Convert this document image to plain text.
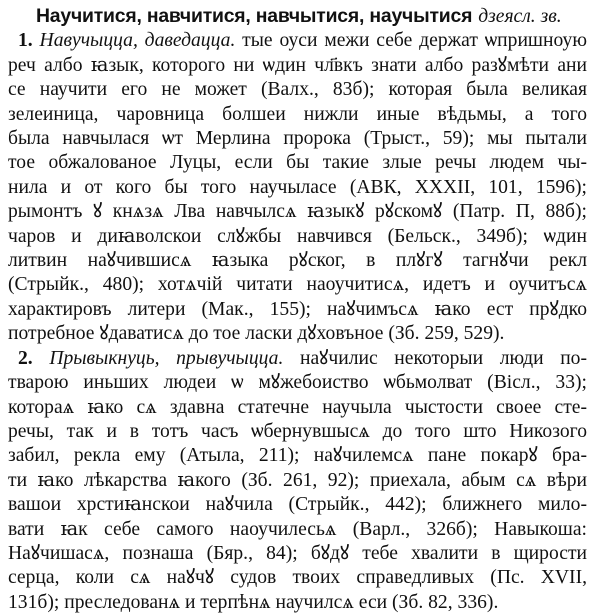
Научитися, навчитися, навчытися, научытися дзеясл. зв.
1. Навучыцца, даведацца. тые оуси межи себе держат ѡпришноую
реч албо ꙗзык, которого ни ѡдин чл҃вкъ знати албо разꙋмѣти ани
се научити его не может (Валх., 83б); которая была великая
зелеиница, чаровница болшеи нижли иные вѣдьмы, а того
была навчылася ѡт Мерлина пророка (Трыст., 59); мы пытали
тое обжалованое Луцы, если бы такие злые речы людем чы-
нила и от кого бы того научыласе (АВК, XXXII, 101, 1596);
рымонтъ ꙋ кнѧзѧ Лва навчылсѧ ꙗзыкꙋ рꙋскомꙋ (Патр. П, 88б);
чаров и диꙗволскои слꙋжбы навчився (Бельск., 349б); ѡдин
литвин наꙋчившисѧ ꙗзыка рꙋског, в плꙋгꙋ тагнꙋчи рекл
(Стрыйк., 480); хотѧчій читати наоучитисѧ, идетъ и оучитъсѧ
характировъ литери (Мак., 155); наꙋчимъсѧ ꙗко ест прꙋдко
потребное ꙋдаватисѧ до тое ласки дꙋховъное (Зб. 259, 529).
2. Прывыкнуць, прывучыцца. наꙋчилис некоторыи люди по-
тварою иньших людеи ѡ мꙋжебоиство ѡбьмолват (Віcл., 33);
котораѧ ꙗко сѧ здавна статечне научыла чыстости своее сте-
речы, так и в тотъ часъ ѡбернувшысѧ до того што Никозого
забил, рекла ему (Атыла, 211); наꙋчилемсѧ пане покарꙋ бра-
ти ꙗко лѣкарства ꙗкого (Зб. 261, 92); приехала, абым сѧ вѣри
вашои хрстиꙗнскои наꙋчила (Стрыйк., 442); ближнего мило-
вати ꙗк себе самого наоучилесьѧ (Варл., 326б); Навыкоша:
Наꙋчишасѧ, познаша (Бяр., 84); бꙋдꙋ тебе хвалити в щирости
серца, коли сѧ наꙋчꙋ судов твоих справедливых (Пс. XVII,
131б); преследованѧ и терпѣнѧ научилсѧ еси (Зб. 82, 336).
